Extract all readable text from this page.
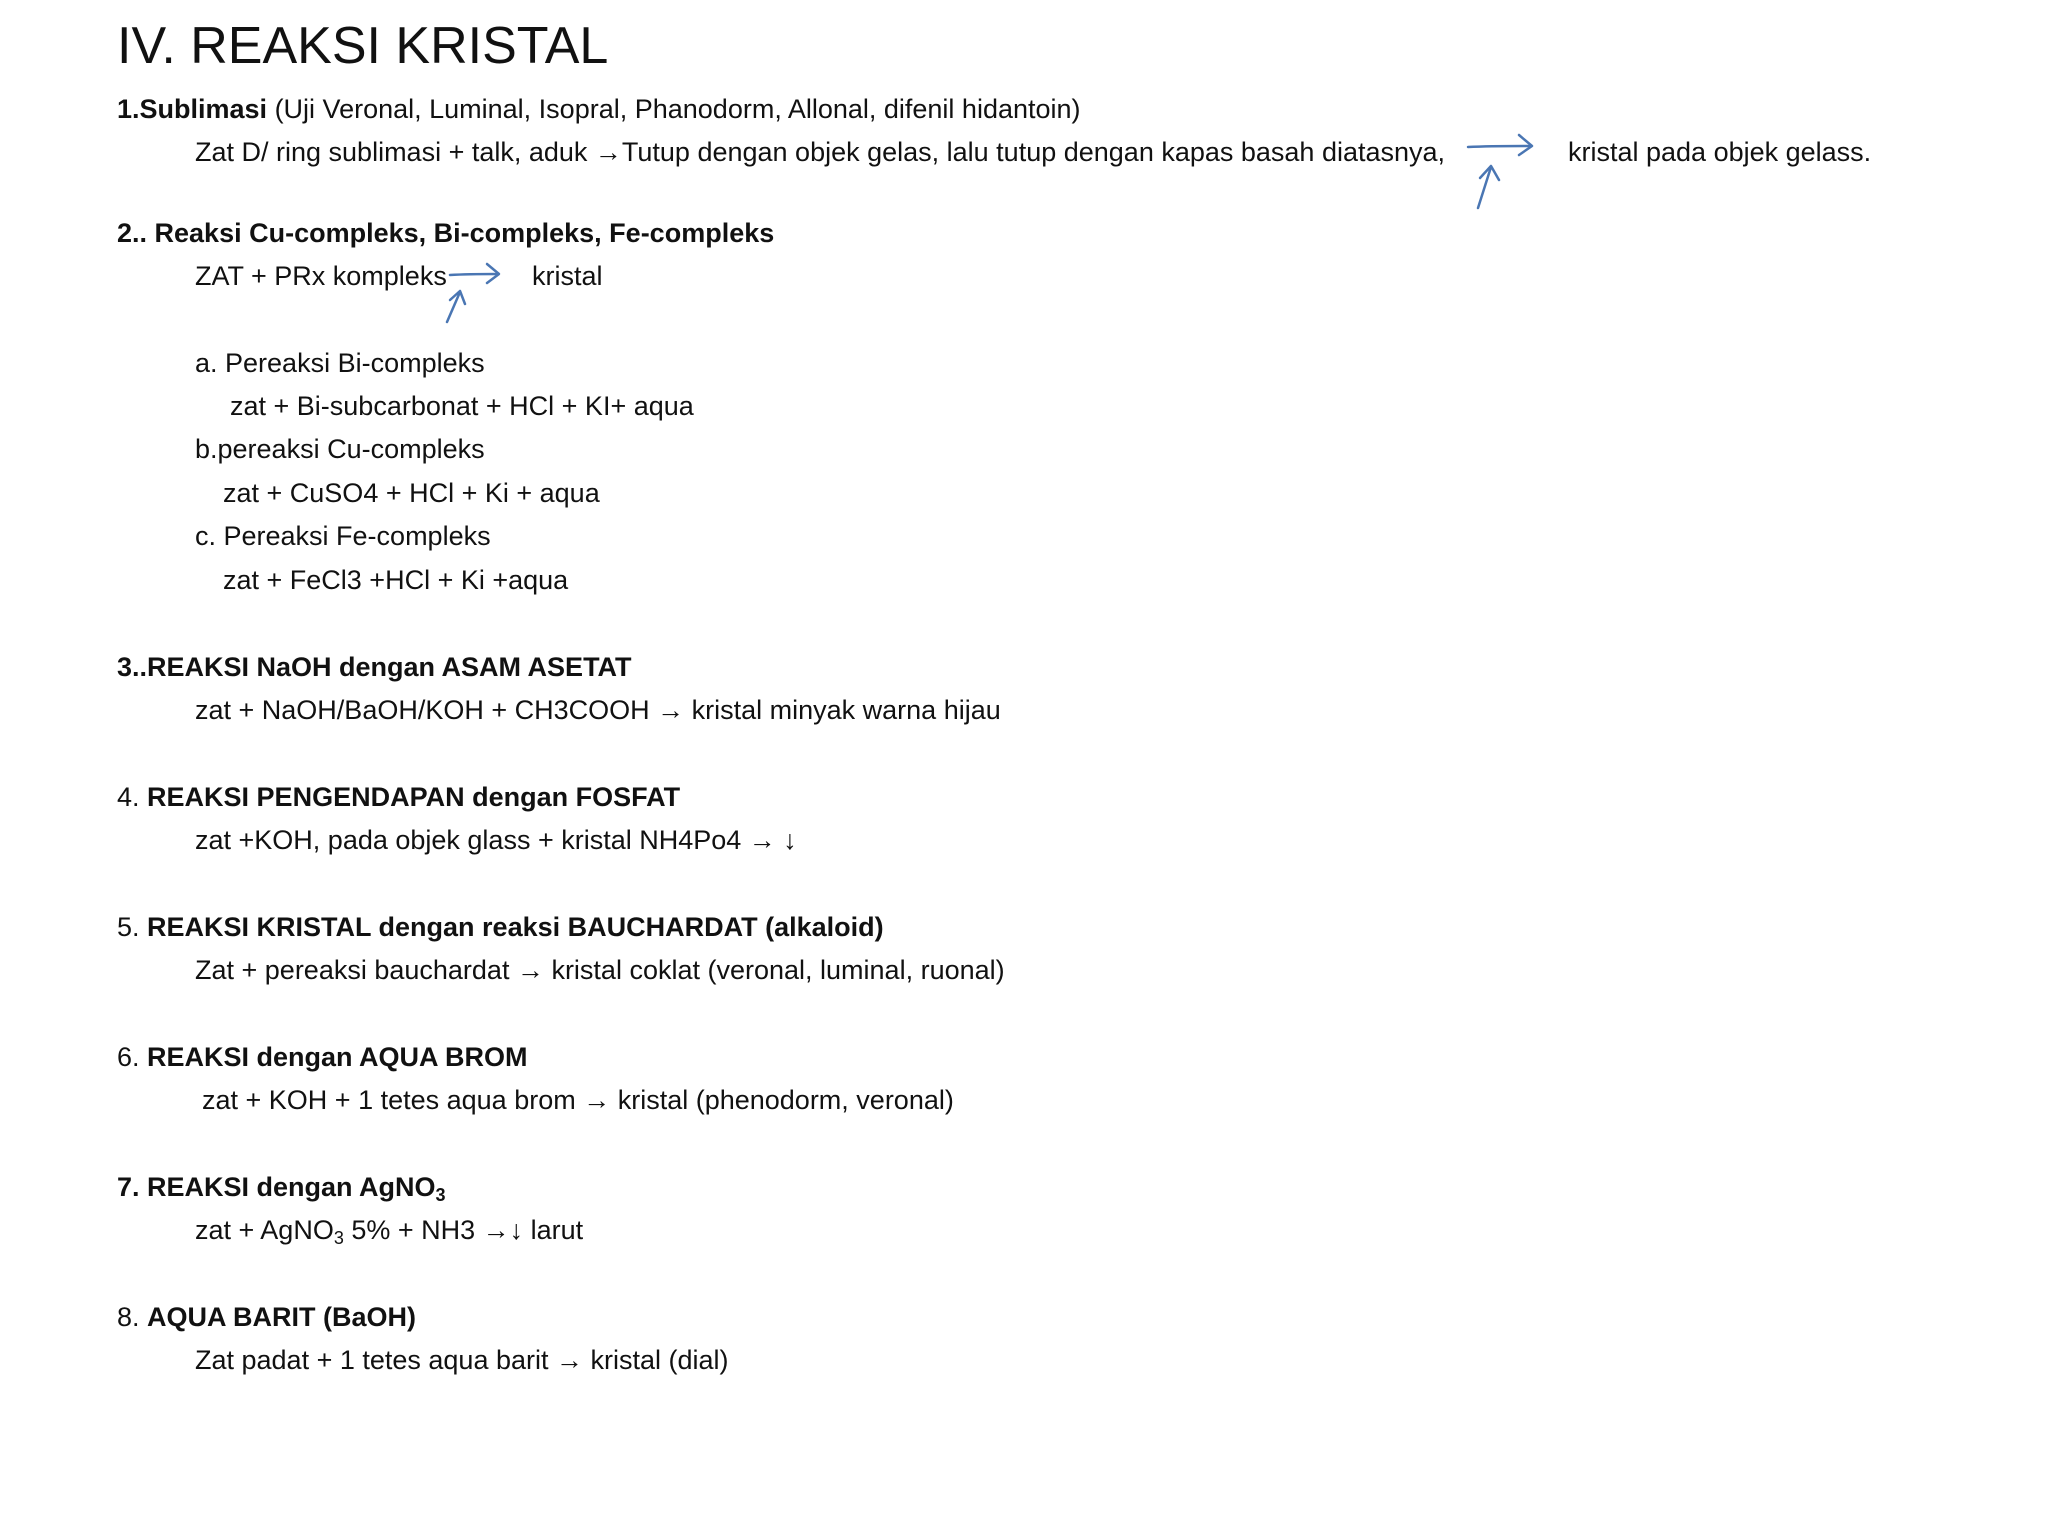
IV. REAKSI KRISTAL
1.Sublimasi (Uji Veronal, Luminal, Isopral, Phanodorm, Allonal, difenil hidantoin)
Zat D/ ring sublimasi + talk, aduk →Tutup dengan objek gelas, lalu tutup dengan kapas basah diatasnya,	kristal pada objek gelass.
2.. Reaksi Cu-compleks, Bi-compleks, Fe-compleks
ZAT + PRx kompleks	kristal
a. Pereaksi Bi-compleks
zat + Bi-subcarbonat + HCl + KI+ aqua
b.pereaksi Cu-compleks
zat + CuSO4 + HCl + Ki + aqua
c. Pereaksi Fe-compleks
zat + FeCl3 +HCl + Ki +aqua
3..REAKSI NaOH dengan ASAM ASETAT
zat + NaOH/BaOH/KOH + CH3COOH → kristal minyak warna hijau
4. REAKSI PENGENDAPAN dengan FOSFAT
zat +KOH, pada objek glass + kristal NH4Po4 → ↓
5. REAKSI KRISTAL dengan reaksi BAUCHARDAT (alkaloid)
Zat + pereaksi bauchardat → kristal coklat (veronal, luminal, ruonal)
6. REAKSI dengan AQUA BROM
zat + KOH + 1 tetes aqua brom → kristal (phenodorm, veronal)
7. REAKSI dengan AgNO$_3$
zat + AgNO$_3$ 5% + NH3 →↓ larut
8. AQUA BARIT (BaOH)
Zat padat + 1 tetes aqua barit → kristal (dial)
